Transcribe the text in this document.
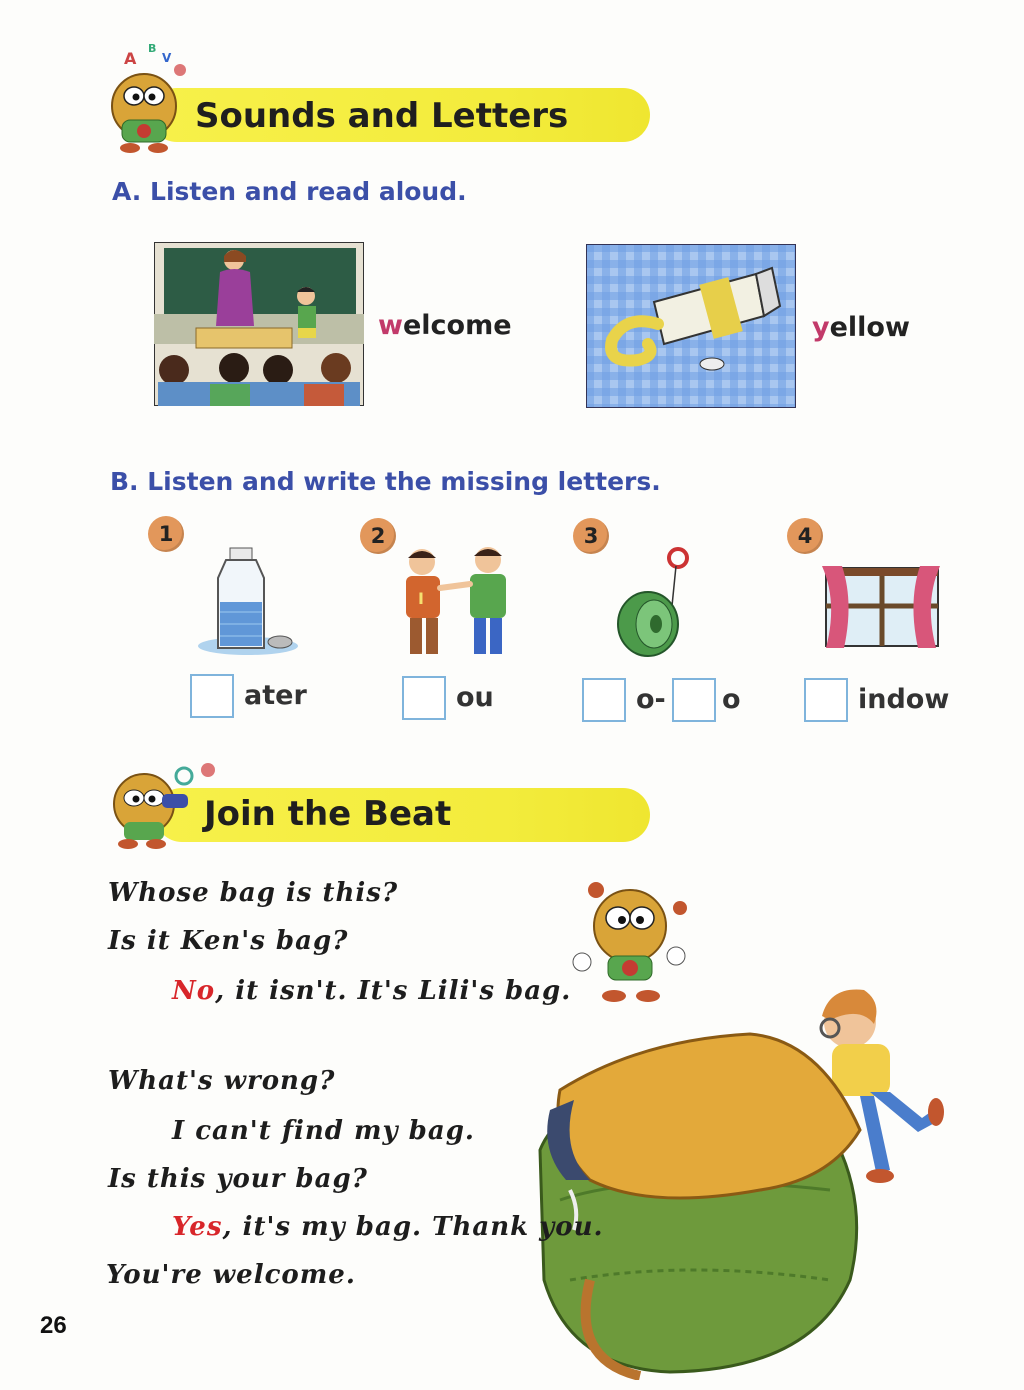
A
B
V
Sounds and Letters
A. Listen and read aloud.
welcome	yellow
B. Listen and write the missing letters.
1
ater
2
I
ou
3
o- o
4
indow
Join the Beat
Whose bag is this?
Is it Ken's bag?
No, it isn't. It's Lili's bag.
What's wrong?
I can't find my bag.
Is this your bag?
Yes, it's my bag. Thank you.
You're welcome.
26
